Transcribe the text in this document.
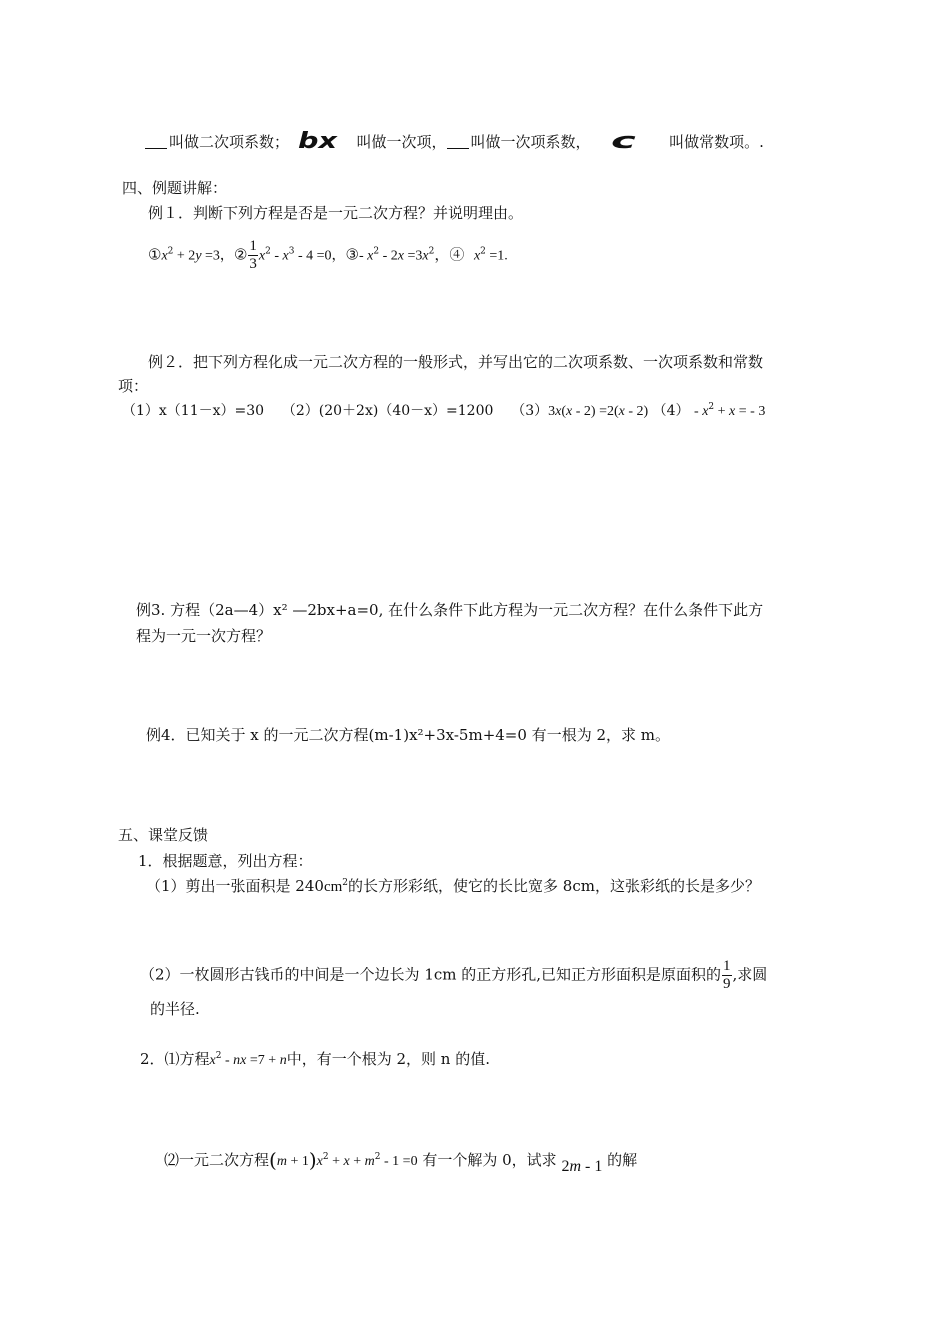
叫做二次项系数； bx 叫做一次项， 叫做一次项系数， c 叫做常数项。.
四、例题讲解：
例１．判断下列方程是否是一元二次方程？并说明理由。
$①x^2 + 2y =3$，② $\frac{1}{3} x^2 - x^3 - 4 =0$，③- $x^2 - 2x =3x^2$，④ $x^2 =1$.
例２．把下列方程化成一元二次方程的一般形式，并写出它的二次项系数、一次项系数和常数
项：
（1）x（11－x）=30 （2）(20＋2x)（40－x）=1200 （3）3x(x - 2) =2(x - 2) $(4) - x^2 + x$ = - 3
例3. 方程（2a—4）x² —2bx+a=0, 在什么条件下此方程为一元二次方程？在什么条件下此方
程为一元一次方程？
例4．已知关于 x 的一元二次方程(m-1)x²+3x-5m+4=0 有一根为 2，求 m。
五、课堂反馈
1．根据题意，列出方程：
（1）剪出一张面积是 $240cm^2$的长方形彩纸，使它的长比宽多 8cm，这张彩纸的长是多少？
（2）一枚圆形古钱币的中间是一个边长为 1cm 的正方形孔,已知正方形面积是原面积的 $\frac{1}{9}$ ,求圆
的半径.
2．⑴方程$x^2$ - nx =7 + n中，有一个根为 2，则 n 的值.
⑵一元二次方程$(m + 1)x^2 + x + m^2 - 1 =0$ 有一个解为 0，试求 2m - 1 的解
